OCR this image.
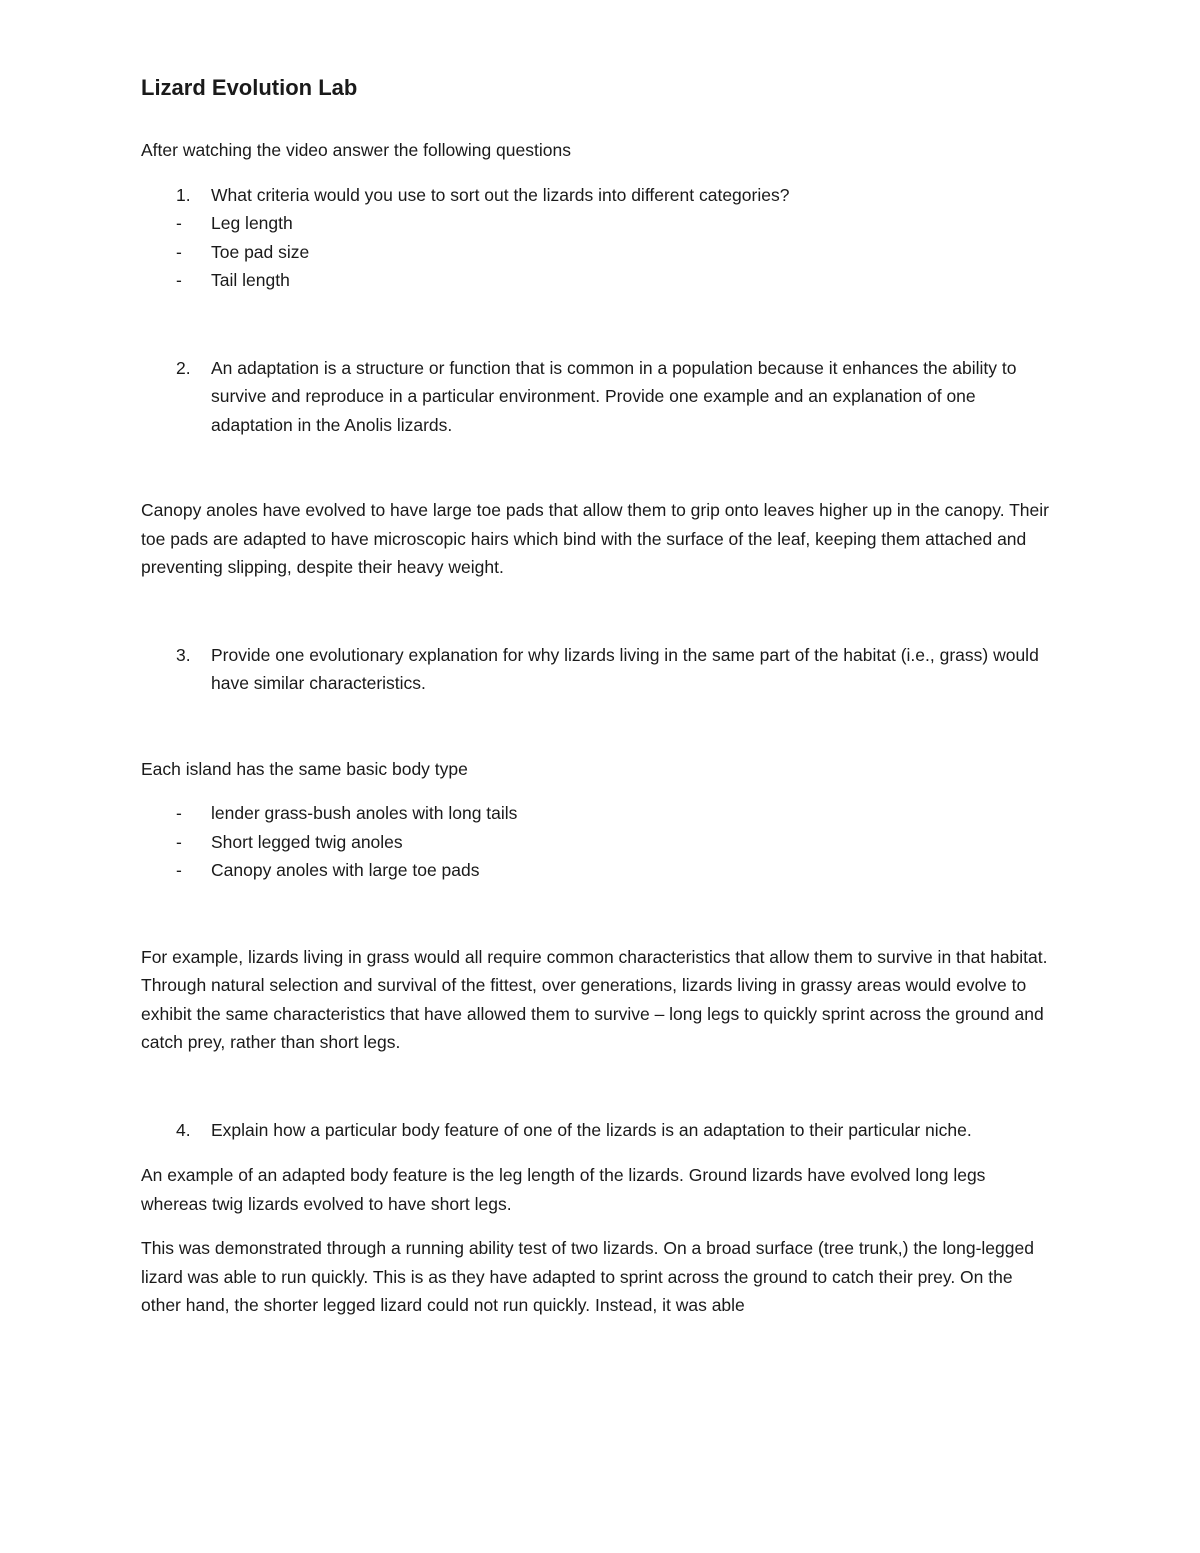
Lizard Evolution Lab

After watching the video answer the following questions

1. What criteria would you use to sort out the lizards into different categories?
- Leg length
- Toe pad size
- Tail length
2. An adaptation is a structure or function that is common in a population because it enhances the ability to survive and reproduce in a particular environment. Provide one example and an explanation of one adaptation in the Anolis lizards.

Canopy anoles have evolved to have large toe pads that allow them to grip onto leaves higher up in the canopy. Their toe pads are adapted to have microscopic hairs which bind with the surface of the leaf, keeping them attached and preventing slipping, despite their heavy weight.

3. Provide one evolutionary explanation for why lizards living in the same part of the habitat (i.e., grass) would have similar characteristics.

Each island has the same basic body type

- lender grass-bush anoles with long tails
- Short legged twig anoles
- Canopy anoles with large toe pads

For example, lizards living in grass would all require common characteristics that allow them to survive in that habitat. Through natural selection and survival of the fittest, over generations, lizards living in grassy areas would evolve to exhibit the same characteristics that have allowed them to survive – long legs to quickly sprint across the ground and catch prey, rather than short legs.

4. Explain how a particular body feature of one of the lizards is an adaptation to their particular niche.

An example of an adapted body feature is the leg length of the lizards. Ground lizards have evolved long legs whereas twig lizards evolved to have short legs.

This was demonstrated through a running ability test of two lizards. On a broad surface (tree trunk,) the long-legged lizard was able to run quickly. This is as they have adapted to sprint across the ground to catch their prey. On the other hand, the shorter legged lizard could not run quickly. Instead, it was able
